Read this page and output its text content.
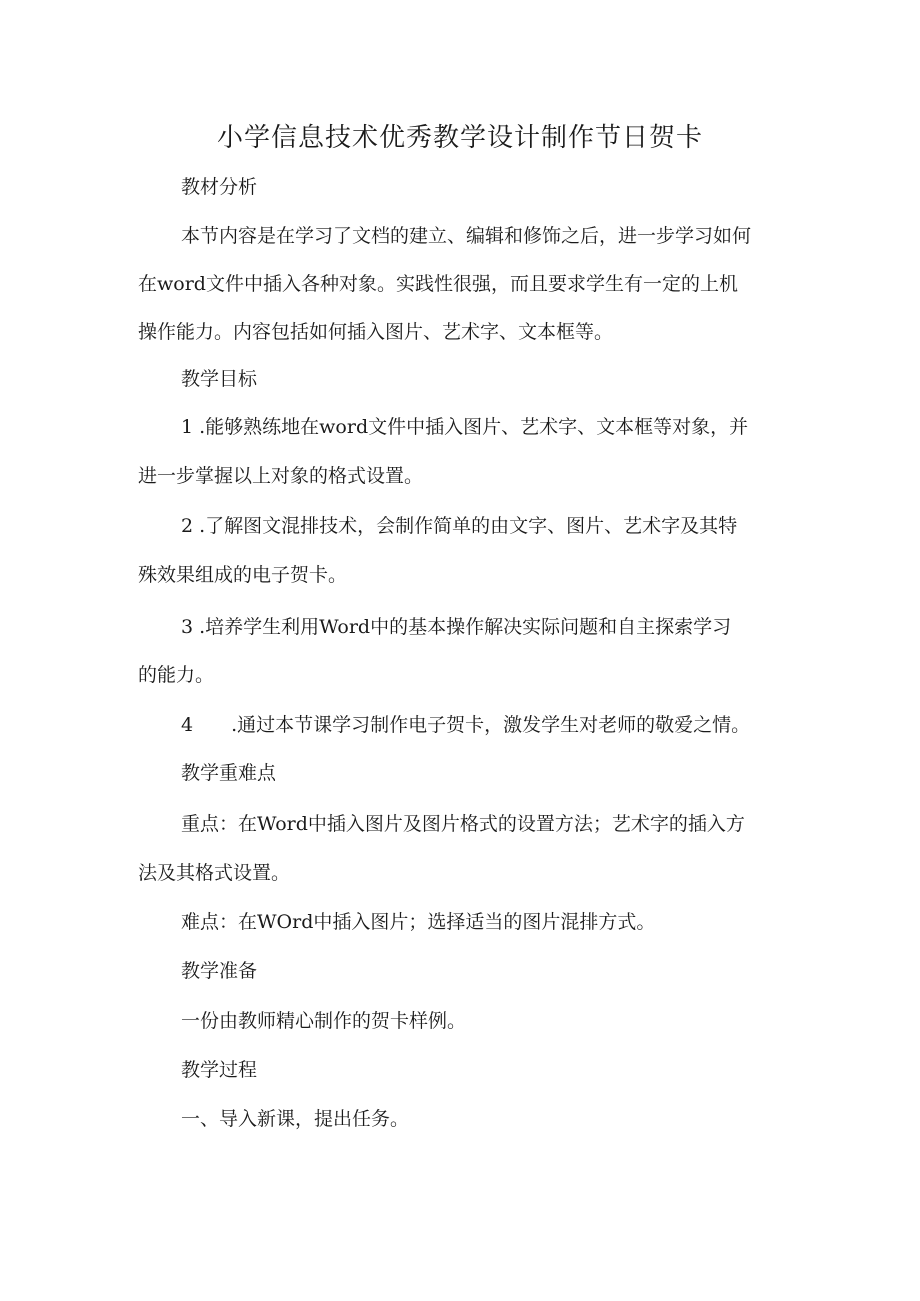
小学信息技术优秀教学设计制作节日贺卡
教材分析
本节内容是在学习了文档的建立、编辑和修饰之后，进一步学习如何
在word文件中插入各种对象。实践性很强，而且要求学生有一定的上机
操作能力。内容包括如何插入图片、艺术字、文本框等。
教学目标
1 .能够熟练地在word文件中插入图片、艺术字、文本框等对象，并
进一步掌握以上对象的格式设置。
2 .了解图文混排技术，会制作简单的由文字、图片、艺术字及其特
殊效果组成的电子贺卡。
3 .培养学生利用Word中的基本操作解决实际问题和自主探索学习
的能力。
4 .通过本节课学习制作电子贺卡，激发学生对老师的敬爱之情。
教学重难点
重点：在Word中插入图片及图片格式的设置方法；艺术字的插入方
法及其格式设置。
难点：在WOrd中插入图片；选择适当的图片混排方式。
教学准备
一份由教师精心制作的贺卡样例。
教学过程
一、导入新课，提出任务。
